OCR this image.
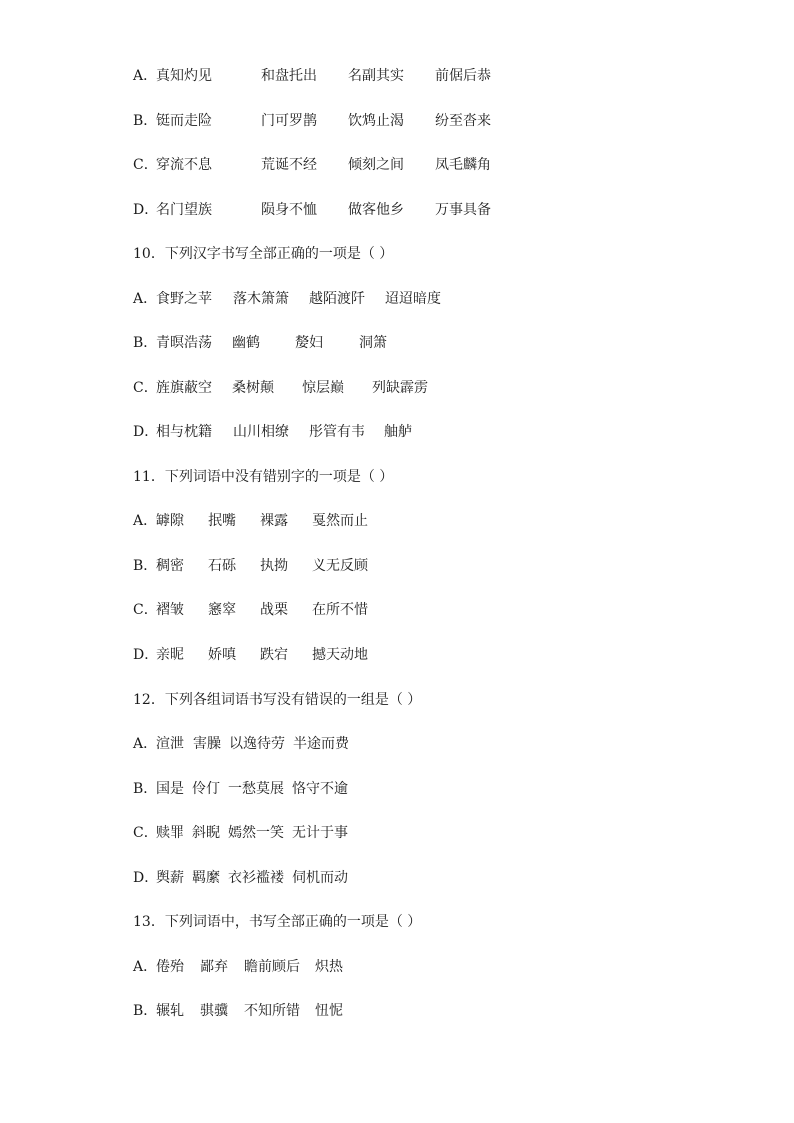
A．
真知灼见	和盘托出 名副其实 前倨后恭
B．
铤而走险	门可罗鹊 饮鸩止渴 纷至沓来
C．
穿流不息	荒诞不经 倾刻之间 凤毛麟角
D．
名门望族	陨身不恤 做客他乡 万事具备
10．下列汉字书写全部正确的一项是（ ）
A．
食野之苹 落木箫箫 越陌渡阡 迢迢暗度
B．
青暝浩荡 幽鹤	嫠妇	洞箫
C．
旌旗蔽空 桑树颠 惊层巅 列缺霹雳
D．
相与枕籍 山川相缭 彤管有韦 舳舻
11．下列词语中没有错别字的一项是（ ）
A．
罅隙 抿嘴 裸露 戛然而止
B．
稠密 石砾 执拗 义无反顾
C．
褶皱 窸窣 战栗 在所不惜
D．
亲昵 娇嗔 跌宕 撼天动地
12．下列各组词语书写没有错误的一组是（ ）
A．
渲泄 害臊 以逸待劳 半途而费
B．
国是 伶仃 一愁莫展 恪守不逾
C．
赎罪 斜睨 嫣然一笑 无计于事
D．
舆薪 羁縻 衣衫褴褛 伺机而动
13．下列词语中，书写全部正确的一项是（ ）
A．
倦殆 鄙弃 瞻前顾后 炽热
B．
辗轧 骐骥 不知所错 忸怩
